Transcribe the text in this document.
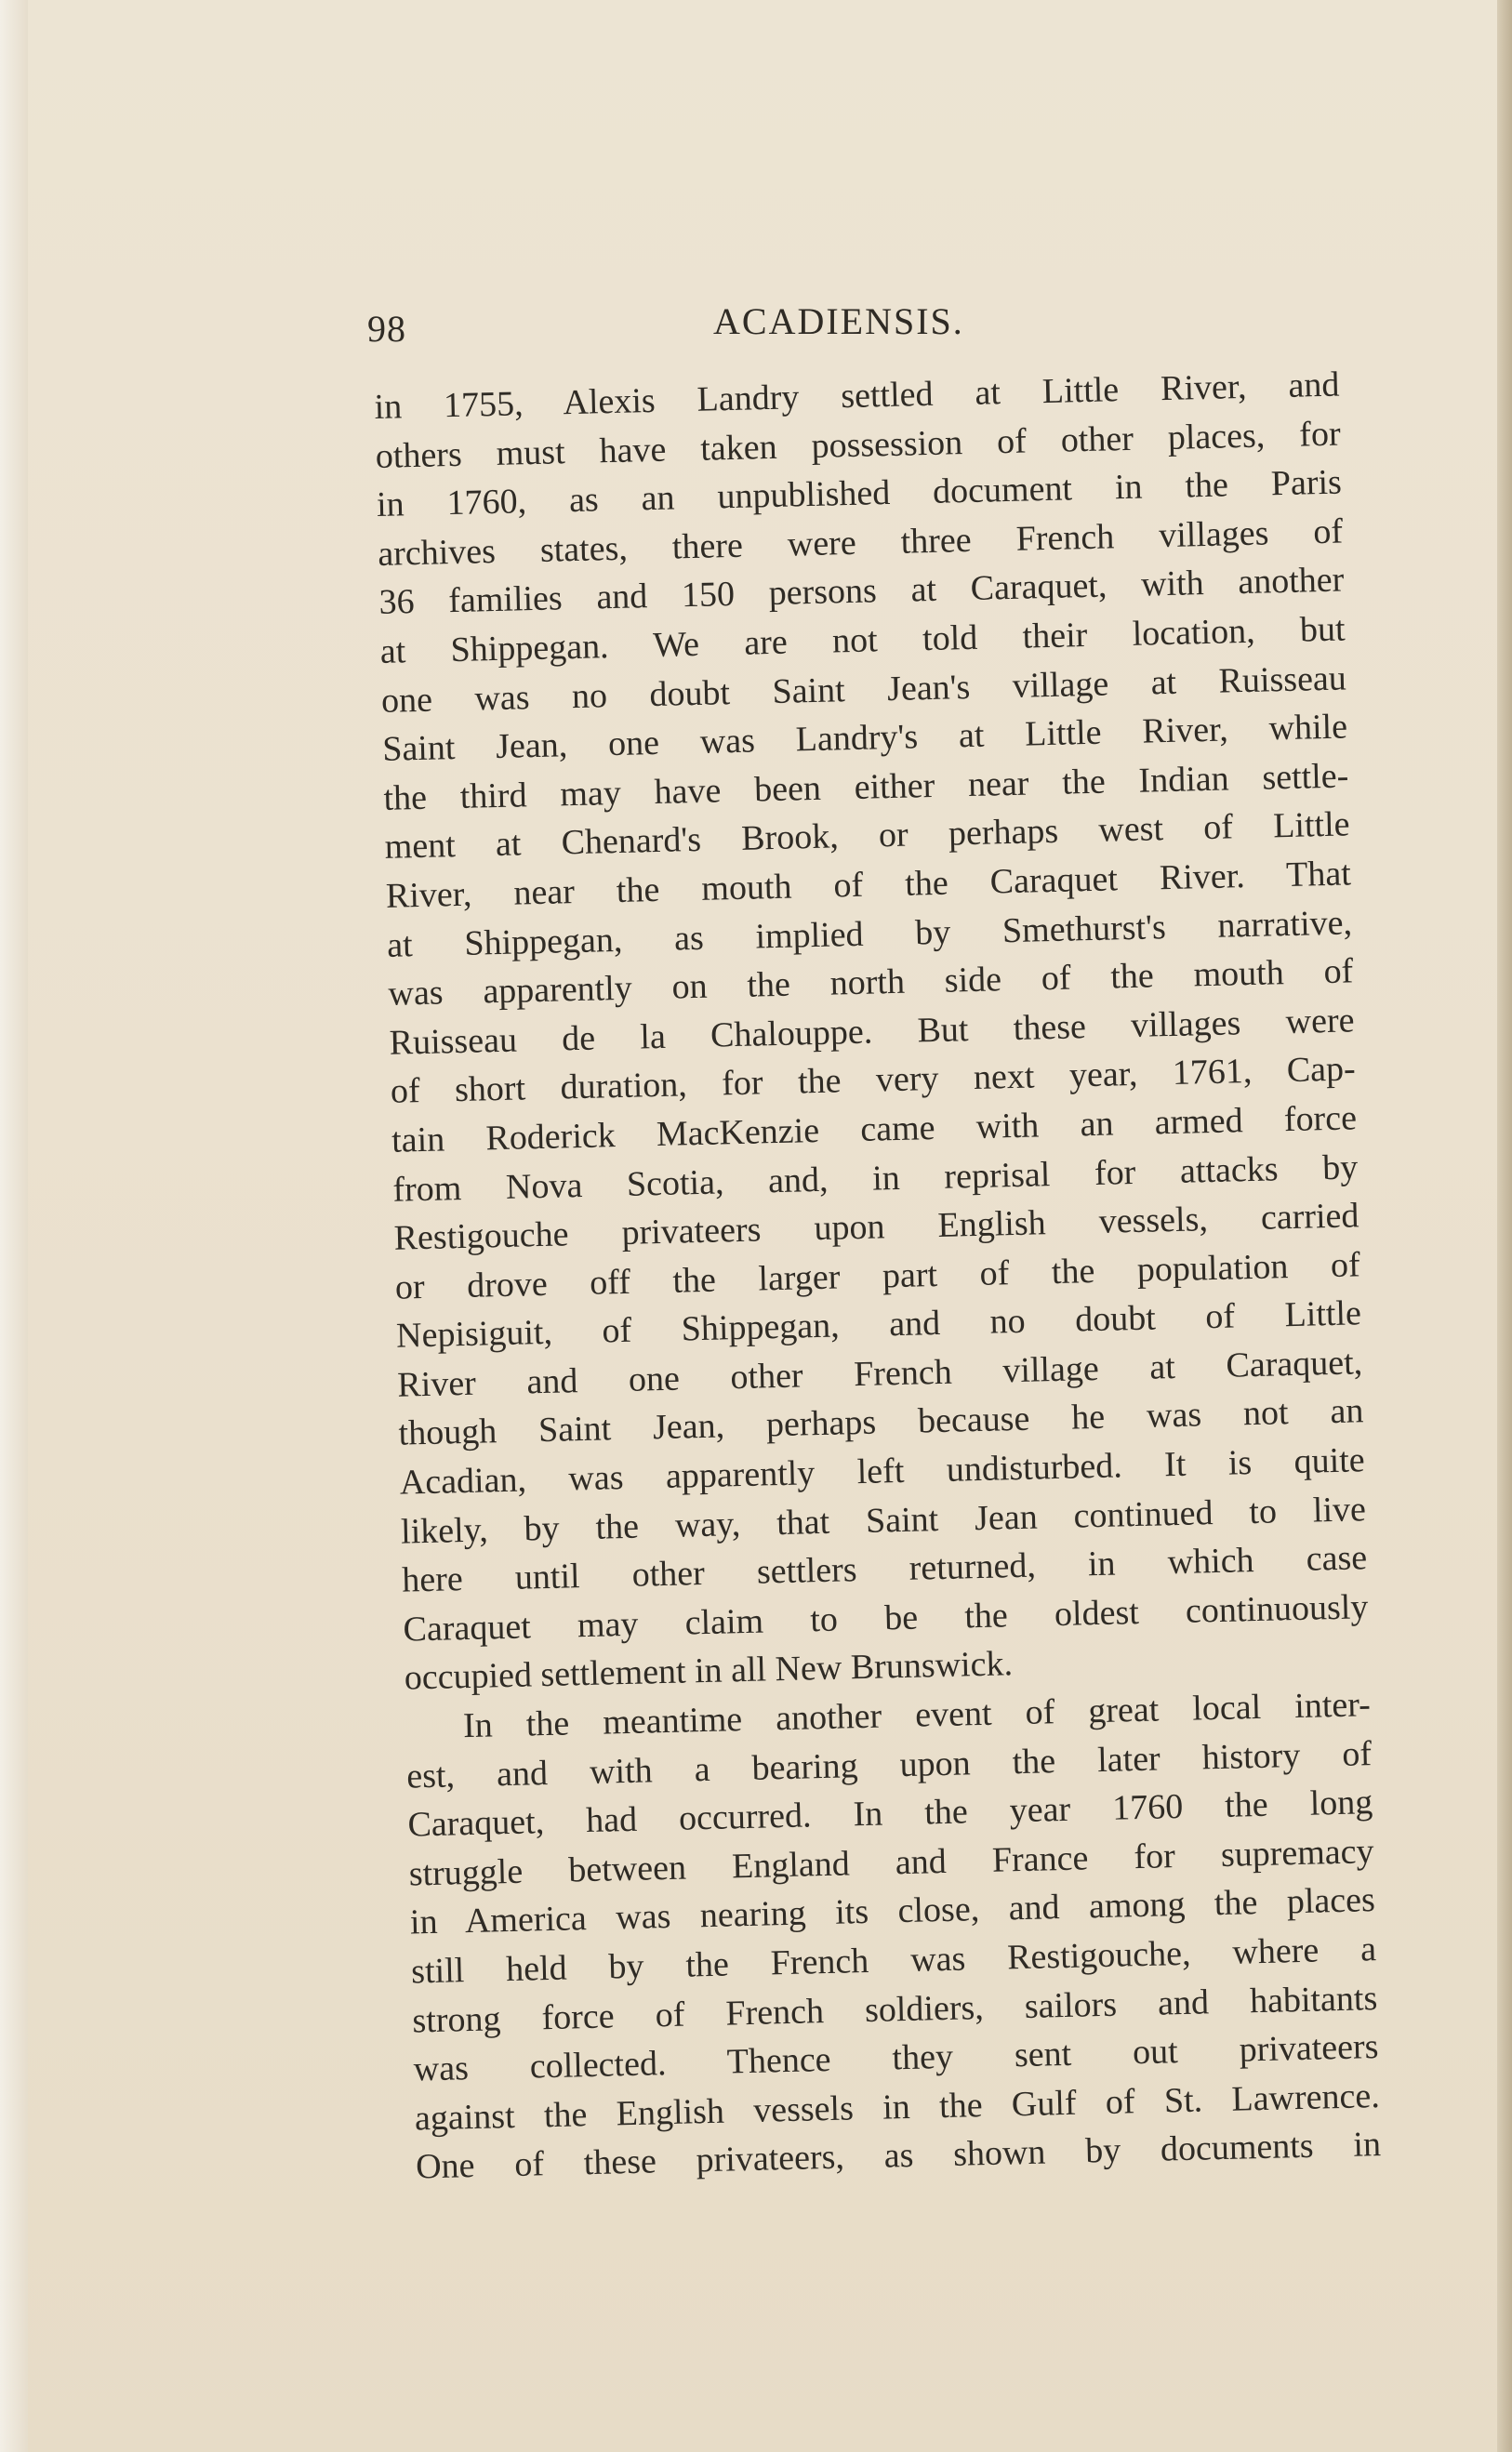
98	ACADIENSIS.
in 1755, Alexis Landry settled at Little River, and
others must have taken possession of other places, for
in 1760, as an unpublished document in the Paris
archives states, there were three French villages of
36 families and 150 persons at Caraquet, with another
at Shippegan. We are not told their location, but
one was no doubt Saint Jean's village at Ruisseau
Saint Jean, one was Landry's at Little River, while
the third may have been either near the Indian settle-
ment at Chenard's Brook, or perhaps west of Little
River, near the mouth of the Caraquet River. That
at Shippegan, as implied by Smethurst's narrative,
was apparently on the north side of the mouth of
Ruisseau de la Chalouppe. But these villages were
of short duration, for the very next year, 1761, Cap-
tain Roderick MacKenzie came with an armed force
from Nova Scotia, and, in reprisal for attacks by
Restigouche privateers upon English vessels, carried
or drove off the larger part of the population of
Nepisiguit, of Shippegan, and no doubt of Little
River and one other French village at Caraquet,
though Saint Jean, perhaps because he was not an
Acadian, was apparently left undisturbed. It is quite
likely, by the way, that Saint Jean continued to live
here until other settlers returned, in which case
Caraquet may claim to be the oldest continuously
occupied settlement in all New Brunswick.
In the meantime another event of great local inter-
est, and with a bearing upon the later history of
Caraquet, had occurred. In the year 1760 the long
struggle between England and France for supremacy
in America was nearing its close, and among the places
still held by the French was Restigouche, where a
strong force of French soldiers, sailors and habitants
was collected. Thence they sent out privateers
against the English vessels in the Gulf of St. Lawrence.
One of these privateers, as shown by documents in
